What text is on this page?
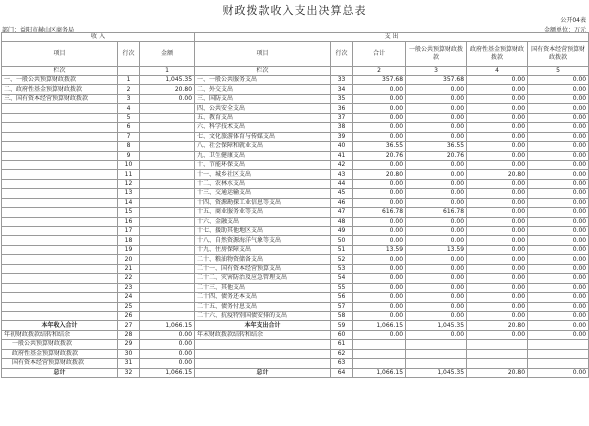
财政拨款收入支出决算总表
公开04表
部门：益阳市赫山区商务局	金额单位：万元
收 入			支 出					
项目	行次	金额	项目	行次	合计	一般公共预算财政拨款	政府性基金预算财政拨款	国有资本经营预算财政拨款
栏次		1	栏次		2	3	4	5
一、一般公共预算财政拨款	1	1,045.35	一、一般公共服务支出	33	357.68	357.68	0.00	0.00
二、政府性基金预算财政拨款	2	20.80	二、外交支出	34	0.00	0.00	0.00	0.00
三、国有资本经营预算财政拨款	3	0.00	三、国防支出	35	0.00	0.00	0.00	0.00
	4		四、公共安全支出	36	0.00	0.00	0.00	0.00
	5		五、教育支出	37	0.00	0.00	0.00	0.00
	6		六、科学技术支出	38	0.00	0.00	0.00	0.00
	7		七、文化旅游体育与传媒支出	39	0.00	0.00	0.00	0.00
	8		八、社会保障和就业支出	40	36.55	36.55	0.00	0.00
	9		九、卫生健康支出	41	20.76	20.76	0.00	0.00
	10		十、节能环保支出	42	0.00	0.00	0.00	0.00
	11		十一、城乡社区支出	43	20.80	0.00	20.80	0.00
	12		十二、农林水支出	44	0.00	0.00	0.00	0.00
	13		十三、交通运输支出	45	0.00	0.00	0.00	0.00
	14		十四、资源勘探工业信息等支出	46	0.00	0.00	0.00	0.00
	15		十五、商业服务业等支出	47	616.78	616.78	0.00	0.00
	16		十六、金融支出	48	0.00	0.00	0.00	0.00
	17		十七、援助其他地区支出	49	0.00	0.00	0.00	0.00
	18		十八、自然资源海洋气象等支出	50	0.00	0.00	0.00	0.00
	19		十九、住房保障支出	51	13.59	13.59	0.00	0.00
	20		二十、粮油物资储备支出	52	0.00	0.00	0.00	0.00
	21		二十一、国有资本经营预算支出	53	0.00	0.00	0.00	0.00
	22		二十二、灾害防治及应急管理支出	54	0.00	0.00	0.00	0.00
	23		二十三、其他支出	55	0.00	0.00	0.00	0.00
	24		二十四、债务还本支出	56	0.00	0.00	0.00	0.00
	25		二十五、债务付息支出	57	0.00	0.00	0.00	0.00
	26		二十六、抗疫特别国债安排的支出	58	0.00	0.00	0.00	0.00
本年收入合计	27	1,066.15	本年支出合计	59	1,066.15	1,045.35	20.80	0.00
年初财政拨款结转和结余	28	0.00	年末财政拨款结转和结余	60	0.00	0.00	0.00	0.00
一般公共预算财政拨款	29	0.00		61				
政府性基金预算财政拨款	30	0.00		62				
国有资本经营预算财政拨款	31	0.00		63				
总计	32	1,066.15	总计	64	1,066.15	1,045.35	20.80	0.00
